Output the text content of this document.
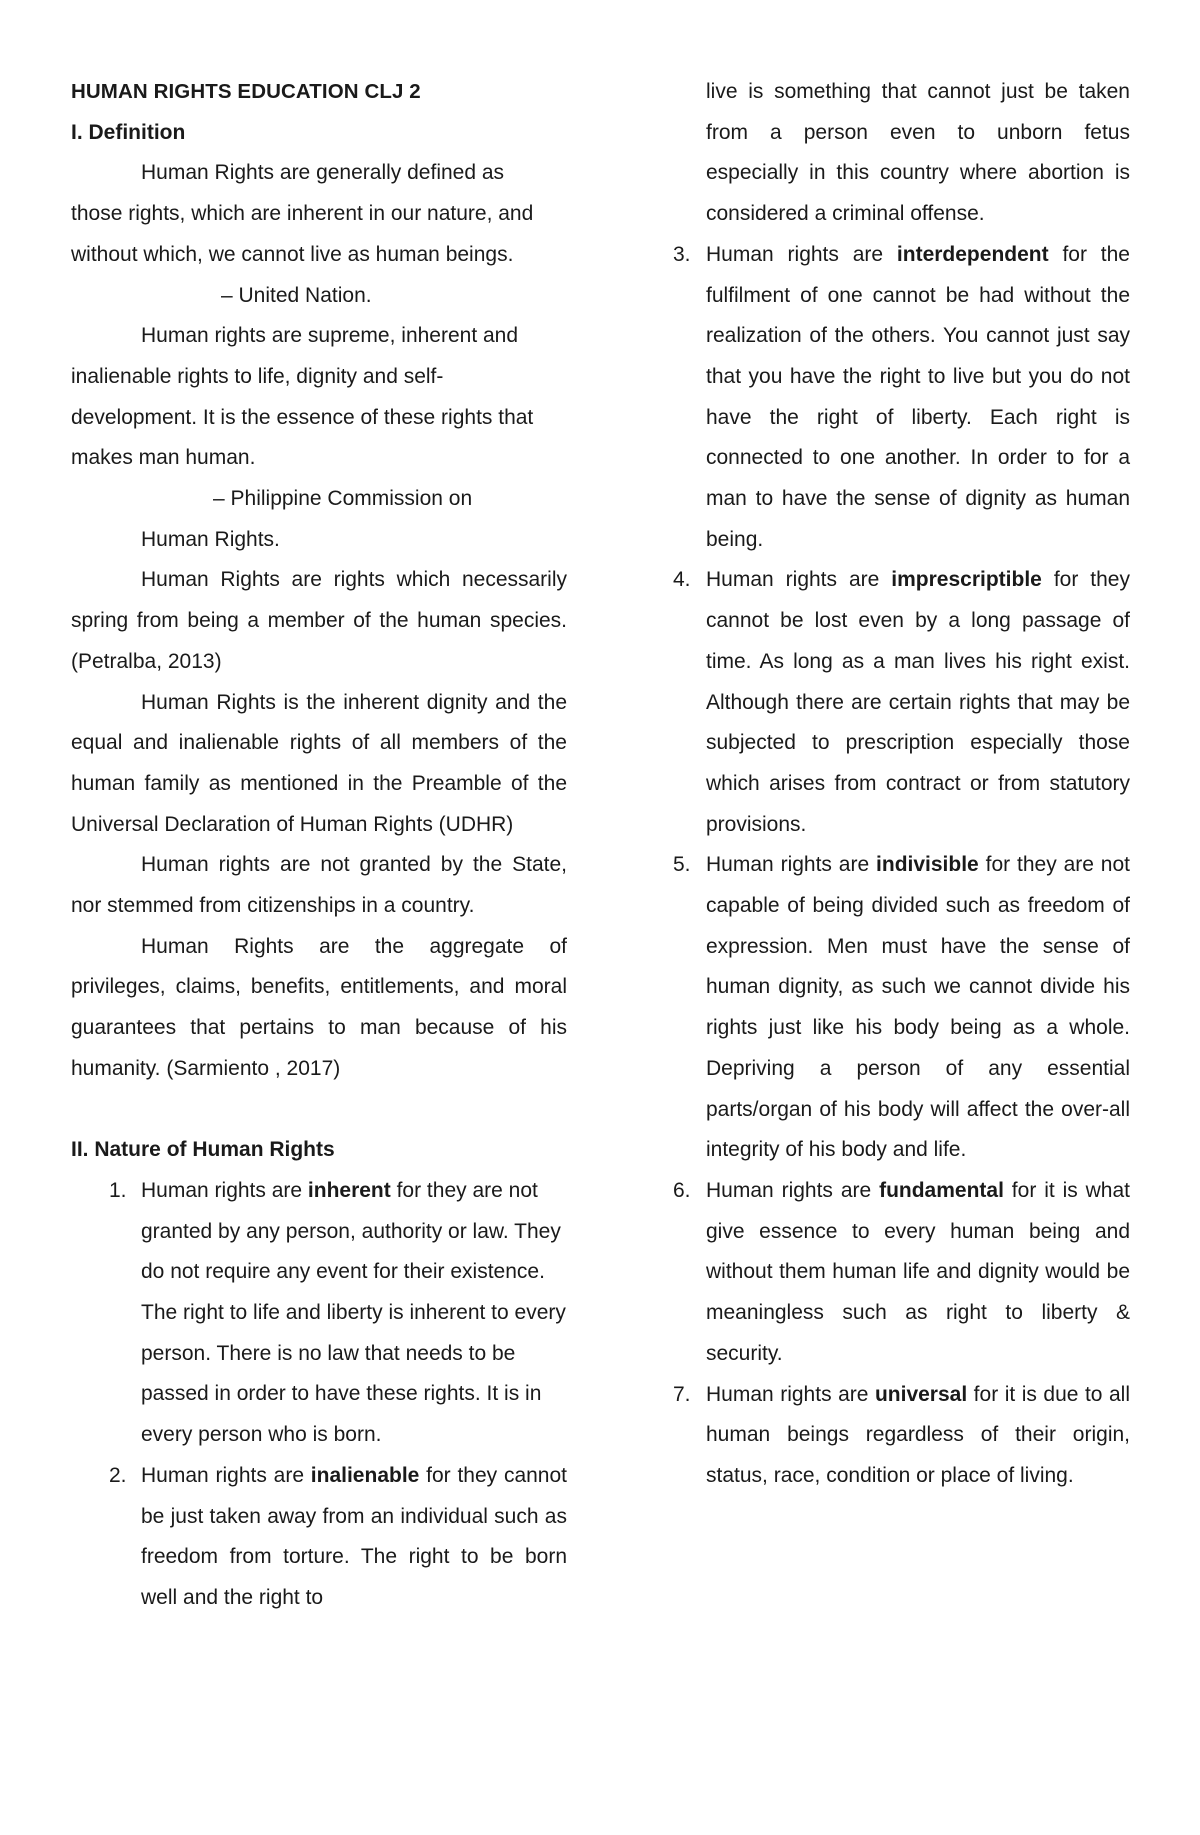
HUMAN RIGHTS EDUCATION CLJ 2

I. Definition

Human Rights are generally defined as those rights, which are inherent in our nature, and without which, we cannot live as human beings.

– United Nation.

Human rights are supreme, inherent and inalienable rights to life, dignity and self-development. It is the essence of these rights that makes man human.

– Philippine Commission on

Human Rights.

Human Rights are rights which necessarily spring from being a member of the human species. (Petralba, 2013)

Human Rights is the inherent dignity and the equal and inalienable rights of all members of the human family as mentioned in the Preamble of the Universal Declaration of Human Rights (UDHR)

Human rights are not granted by the State, nor stemmed from citizenships in a country.

Human Rights are the aggregate of privileges, claims, benefits, entitlements, and moral guarantees that pertains to man because of his humanity. (Sarmiento , 2017)

II. Nature of Human Rights

1. Human rights are inherent for they are not granted by any person, authority or law. They do not require any event for their existence. The right to life and liberty is inherent to every person. There is no law that needs to be passed in order to have these rights. It is in every person who is born.
2. Human rights are inalienable for they cannot be just taken away from an individual such as freedom from torture. The right to be born well and the right to

live is something that cannot just be taken from a person even to unborn fetus especially in this country where abortion is considered a criminal offense.

3. Human rights are interdependent for the fulfilment of one cannot be had without the realization of the others. You cannot just say that you have the right to live but you do not have the right of liberty. Each right is connected to one another. In order to for a man to have the sense of dignity as human being.
4. Human rights are imprescriptible for they cannot be lost even by a long passage of time. As long as a man lives his right exist. Although there are certain rights that may be subjected to prescription especially those which arises from contract or from statutory provisions.
5. Human rights are indivisible for they are not capable of being divided such as freedom of expression. Men must have the sense of human dignity, as such we cannot divide his rights just like his body being as a whole. Depriving a person of any essential parts/organ of his body will affect the over-all integrity of his body and life.
6. Human rights are fundamental for it is what give essence to every human being and without them human life and dignity would be meaningless such as right to liberty & security.
7. Human rights are universal for it is due to all human beings regardless of their origin, status, race, condition or place of living.
